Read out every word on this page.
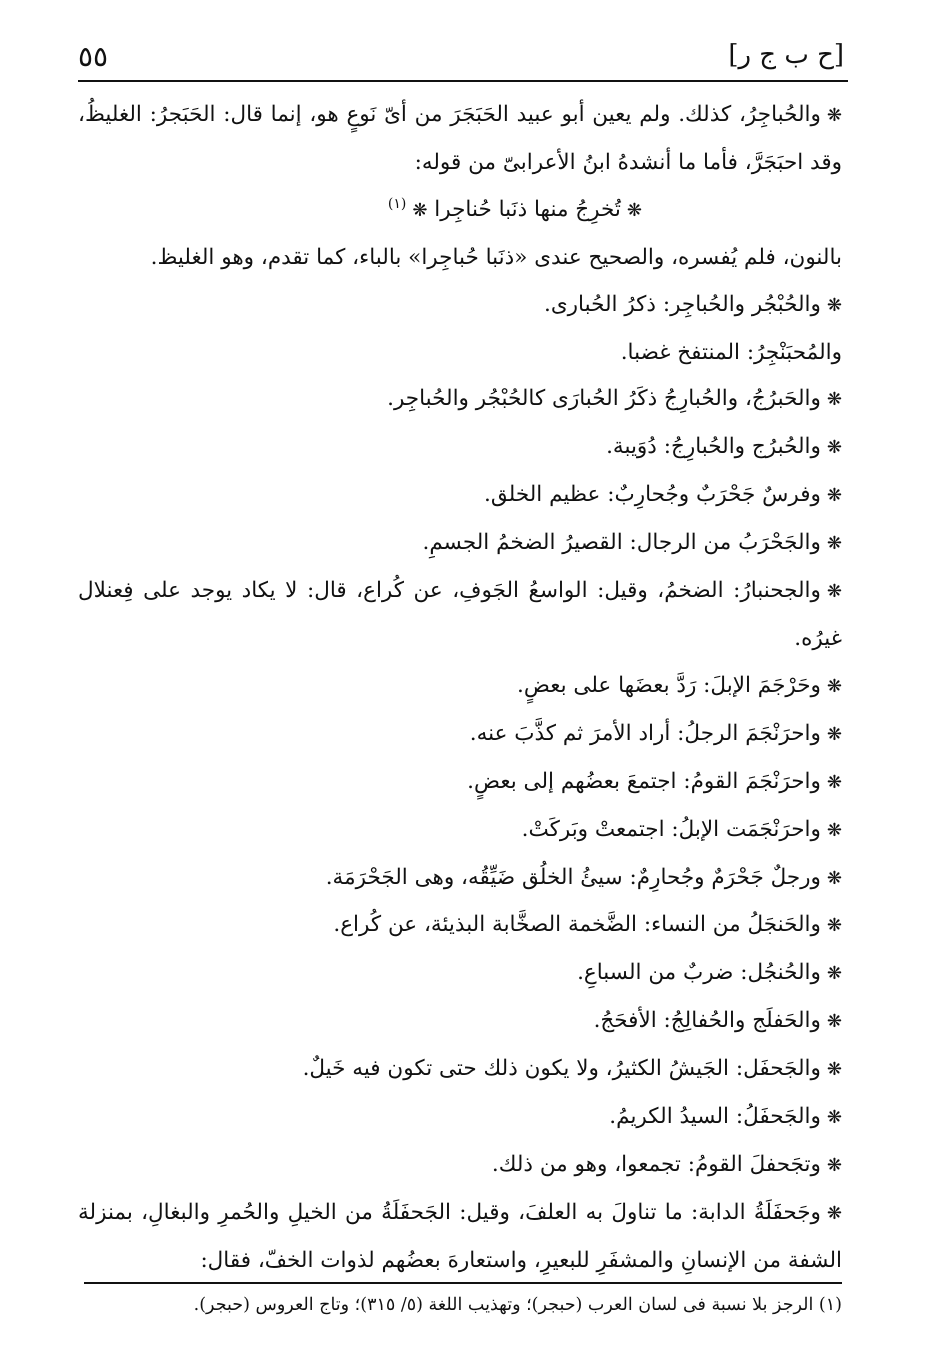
[ح ب ج ر]
٥٥

❋والحُباجِرُ، كذلك. ولم يعين أبو عبيد الحَبَجَرَ من أىّ نَوعٍ هو، إنما قال: الحَبَجرُ: الغليظُ، وقد احبَجَرَّ، فأما ما أنشدهُ ابنُ الأعرابىّ من قوله:

❋تُخرِجُ منها ذنَبا حُناجِرا ❋$^{(١)}$

بالنون، فلم يُفسره، والصحيح عندى «ذنَبا حُباجِرا» بالباء، كما تقدم، وهو الغليظ.

❋والحُبْجُر والحُباجِر: ذكرُ الحُبارى.

والمُحبَنْجِرُ: المنتفخ غضبا.

❋والحَبرُجُ، والحُبارِجُ ذكَرُ الحُبارَى كالحُبْجُر والحُباجِر.

❋والحُبرُج والحُبارِجُ: دُوَيبة.

❋وفرسٌ جَحْرَبٌ وجُحارِبٌ: عظيم الخلق.

❋والجَحْرَبُ من الرجال: القصيرُ الضخمُ الجسمِ.

❋والجحنبارُ: الضخمُ، وقيل: الواسعُ الجَوفِ، عن كُراع، قال: لا يكاد يوجد على فِعنلال غيرُه.

❋وحَرْجَمَ الإبلَ: رَدَّ بعضَها على بعضٍ.

❋واحرَنْجَمَ الرجلُ: أراد الأمرَ ثم كذَّبَ عنه.

❋واحرَنْجَمَ القومُ: اجتمعَ بعضُهم إلى بعضٍ.

❋واحرَنْجَمَت الإبلُ: اجتمعتْ وبَركَتْ.

❋ورجلٌ جَحْرَمٌ وجُحارِمٌ: سيئُ الخلُق ضَيِّقُه، وهى الجَحْرَمَة.

❋والحَنجَلُ من النساء: الضَّخمة الصخَّابة البذيئة، عن كُراع.

❋والحُنجُل: ضربٌ من السباعِ.

❋والحَفلَج والحُفالِجُ: الأفحَجُ.

❋والجَحفَل: الجَيشُ الكثيرُ، ولا يكون ذلك حتى تكون فيه خَيلٌ.

❋والجَحفَلُ: السيدُ الكريمُ.

❋وتجَحفلَ القومُ: تجمعوا، وهو من ذلك.

❋وجَحفَلَةُ الدابة: ما تناولَ به العلفَ، وقيل: الجَحفَلَةُ من الخيلِ والحُمرِ والبغالِ، بمنزلة الشفة من الإنسانِ والمشفَرِ للبعيرِ، واستعارهَ بعضُهم لذوات الخفّ، فقال:

(١) الرجز بلا نسبة فى لسان العرب (حبجر)؛ وتهذيب اللغة (٥/ ٣١٥)؛ وتاج العروس (حبجر).
